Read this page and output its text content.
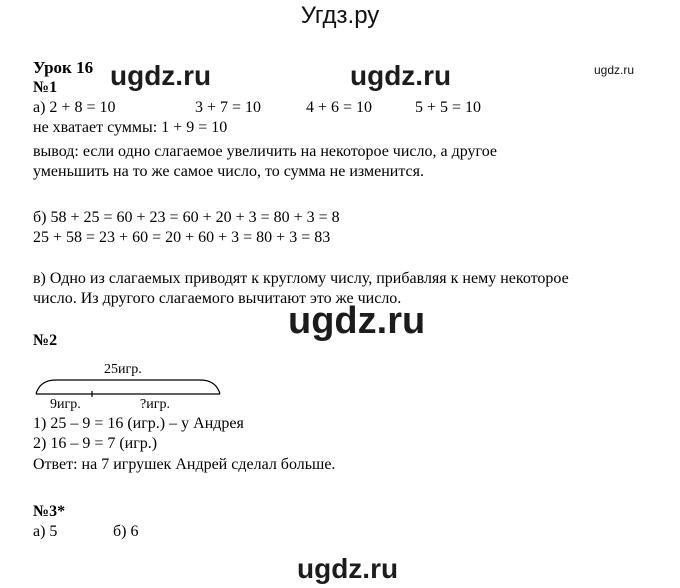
Угдз.ру
ugdz.ru	ugdz.ru	ugdz.ru
ugdz.ru
ugdz.ru
Урок 16
№1
а) 2 + 8 = 10	3 + 7 = 10	4 + 6 = 10	5 + 5 = 10
не хватает суммы: 1 + 9 = 10
вывод: если одно слагаемое увеличить на некоторое число, а другое
уменьшить на то же самое число, то сумма не изменится.
б) 58 + 25 = 60 + 23 = 60 + 20 + 3 = 80 + 3 = 8
25 + 58 = 23 + 60 = 20 + 60 + 3 = 80 + 3 = 83
в) Одно из слагаемых приводят к круглому числу, прибавляя к нему некоторое
число. Из другого слагаемого вычитают это же число.
№2
25игр.
9игр.	?игр.
1) 25 – 9 = 16 (игр.) – у Андрея
2) 16 – 9 = 7 (игр.)
Ответ: на 7 игрушек Андрей сделал больше.
№3*
а) 5	б) 6
